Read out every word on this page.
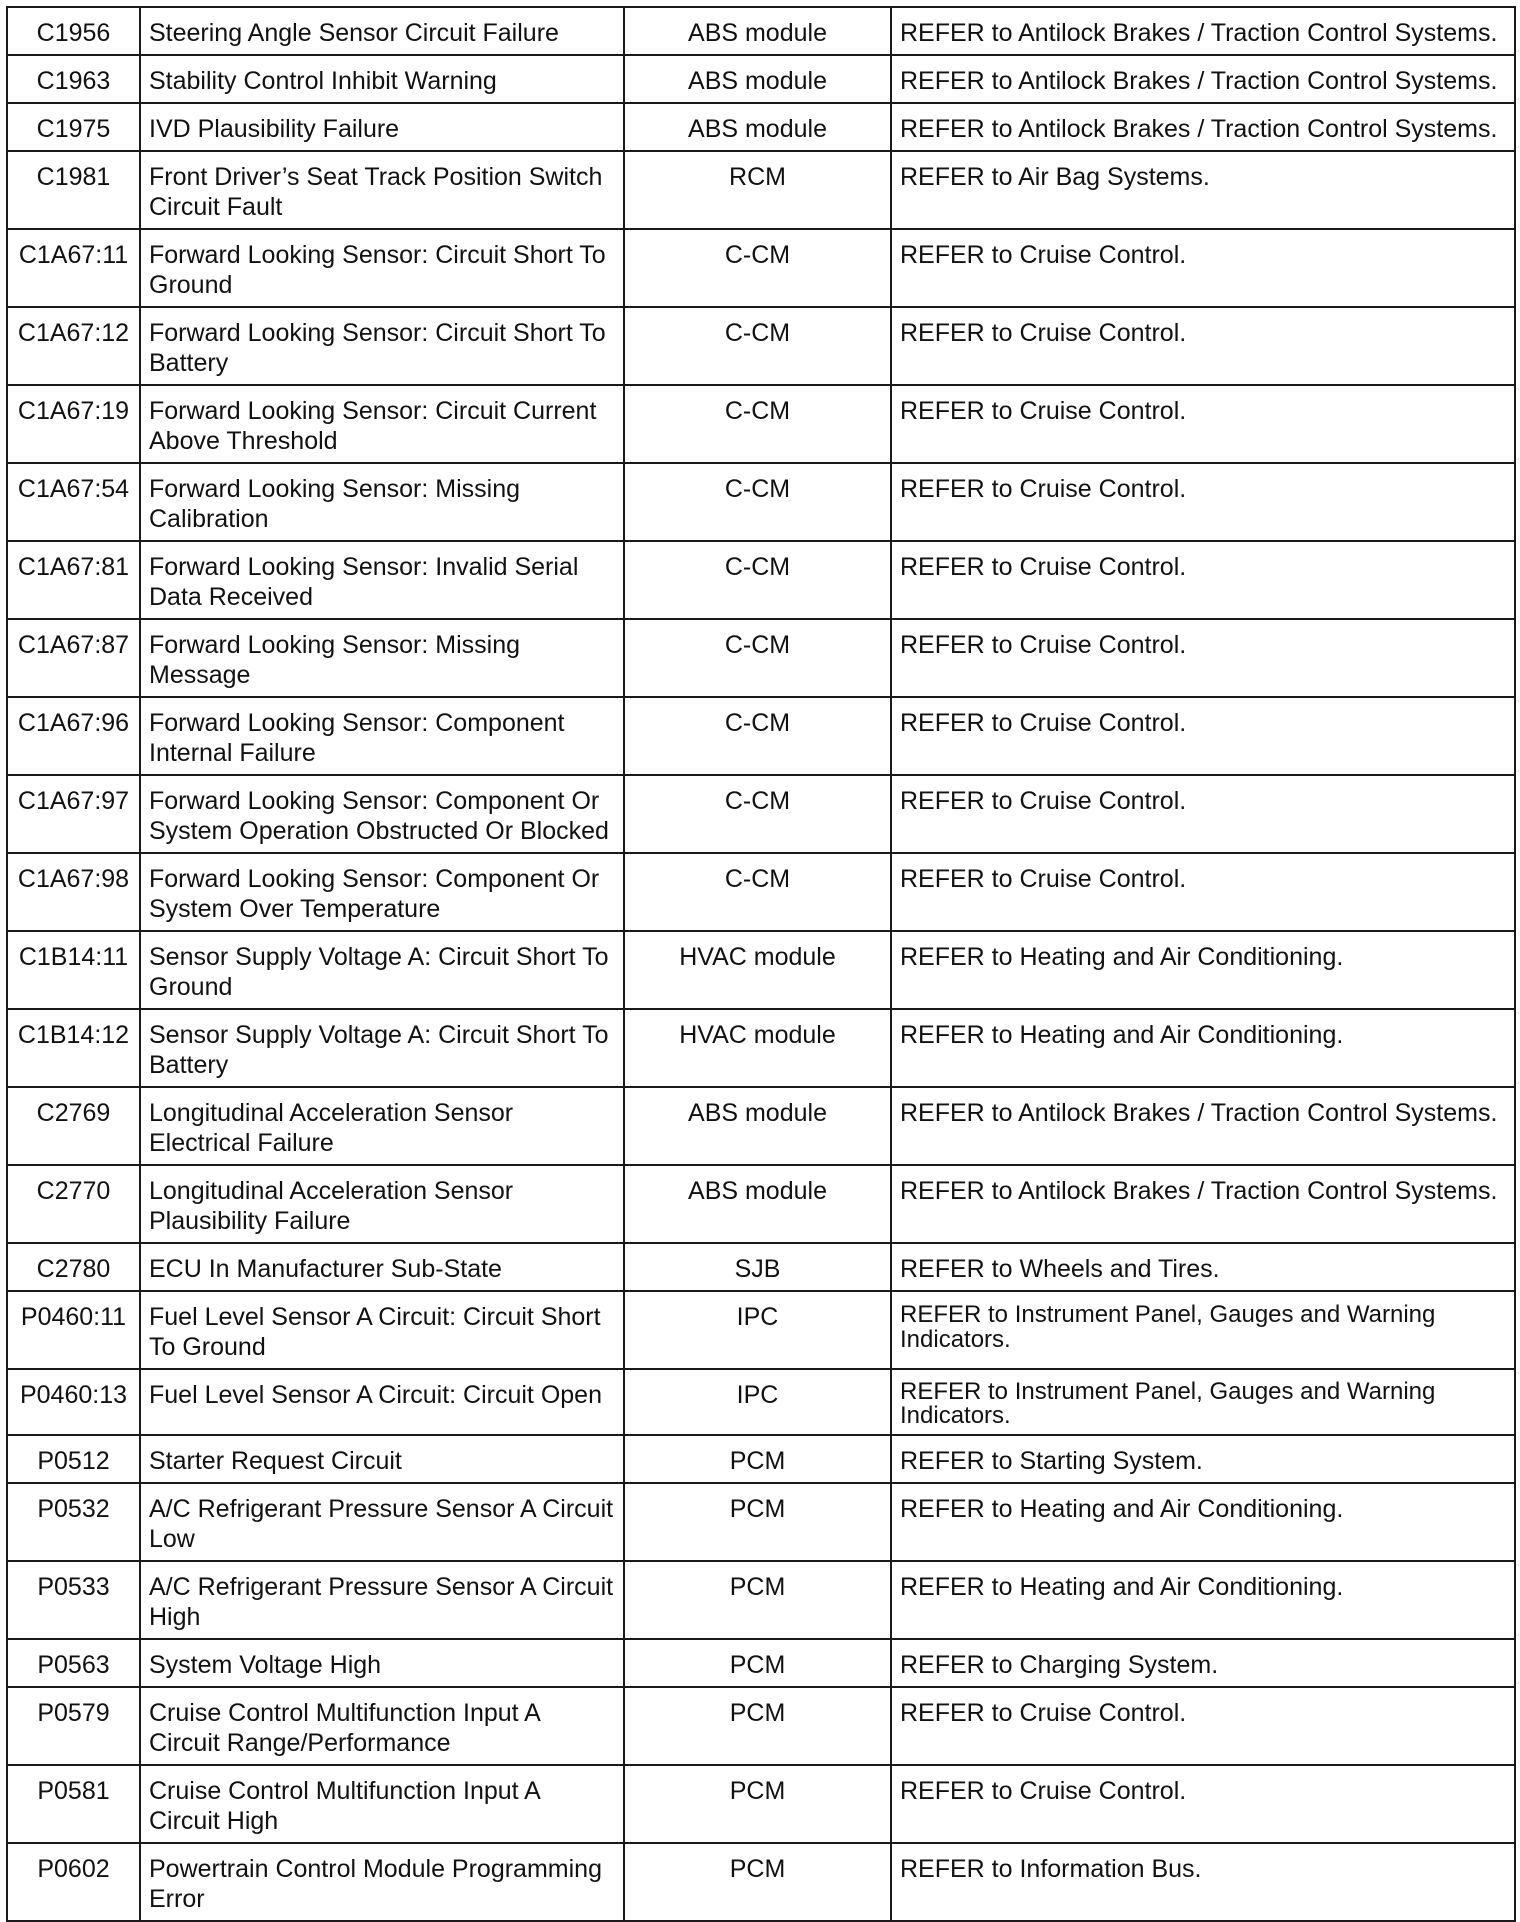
C1956	Steering Angle Sensor Circuit Failure	ABS module	REFER to Antilock Brakes / Traction Control Systems.
C1963	Stability Control Inhibit Warning	ABS module	REFER to Antilock Brakes / Traction Control Systems.
C1975	IVD Plausibility Failure	ABS module	REFER to Antilock Brakes / Traction Control Systems.
C1981	Front Driver’s Seat Track Position Switch Circuit Fault	RCM	REFER to Air Bag Systems.
C1A67:11	Forward Looking Sensor: Circuit Short To Ground	C-CM	REFER to Cruise Control.
C1A67:12	Forward Looking Sensor: Circuit Short To Battery	C-CM	REFER to Cruise Control.
C1A67:19	Forward Looking Sensor: Circuit Current Above Threshold	C-CM	REFER to Cruise Control.
C1A67:54	Forward Looking Sensor: Missing Calibration	C-CM	REFER to Cruise Control.
C1A67:81	Forward Looking Sensor: Invalid Serial Data Received	C-CM	REFER to Cruise Control.
C1A67:87	Forward Looking Sensor: Missing Message	C-CM	REFER to Cruise Control.
C1A67:96	Forward Looking Sensor: Component Internal Failure	C-CM	REFER to Cruise Control.
C1A67:97	Forward Looking Sensor: Component Or System Operation Obstructed Or Blocked	C-CM	REFER to Cruise Control.
C1A67:98	Forward Looking Sensor: Component Or System Over Temperature	C-CM	REFER to Cruise Control.
C1B14:11	Sensor Supply Voltage A: Circuit Short To Ground	HVAC module	REFER to Heating and Air Conditioning.
C1B14:12	Sensor Supply Voltage A: Circuit Short To Battery	HVAC module	REFER to Heating and Air Conditioning.
C2769	Longitudinal Acceleration Sensor Electrical Failure	ABS module	REFER to Antilock Brakes / Traction Control Systems.
C2770	Longitudinal Acceleration Sensor Plausibility Failure	ABS module	REFER to Antilock Brakes / Traction Control Systems.
C2780	ECU In Manufacturer Sub-State	SJB	REFER to Wheels and Tires.
P0460:11	Fuel Level Sensor A Circuit: Circuit Short To Ground	IPC	REFER to Instrument Panel, Gauges and Warning Indicators.
P0460:13	Fuel Level Sensor A Circuit: Circuit Open	IPC	REFER to Instrument Panel, Gauges and Warning Indicators.
P0512	Starter Request Circuit	PCM	REFER to Starting System.
P0532	A/C Refrigerant Pressure Sensor A Circuit Low	PCM	REFER to Heating and Air Conditioning.
P0533	A/C Refrigerant Pressure Sensor A Circuit High	PCM	REFER to Heating and Air Conditioning.
P0563	System Voltage High	PCM	REFER to Charging System.
P0579	Cruise Control Multifunction Input A Circuit Range/Performance	PCM	REFER to Cruise Control.
P0581	Cruise Control Multifunction Input A Circuit High	PCM	REFER to Cruise Control.
P0602	Powertrain Control Module Programming Error	PCM	REFER to Information Bus.
